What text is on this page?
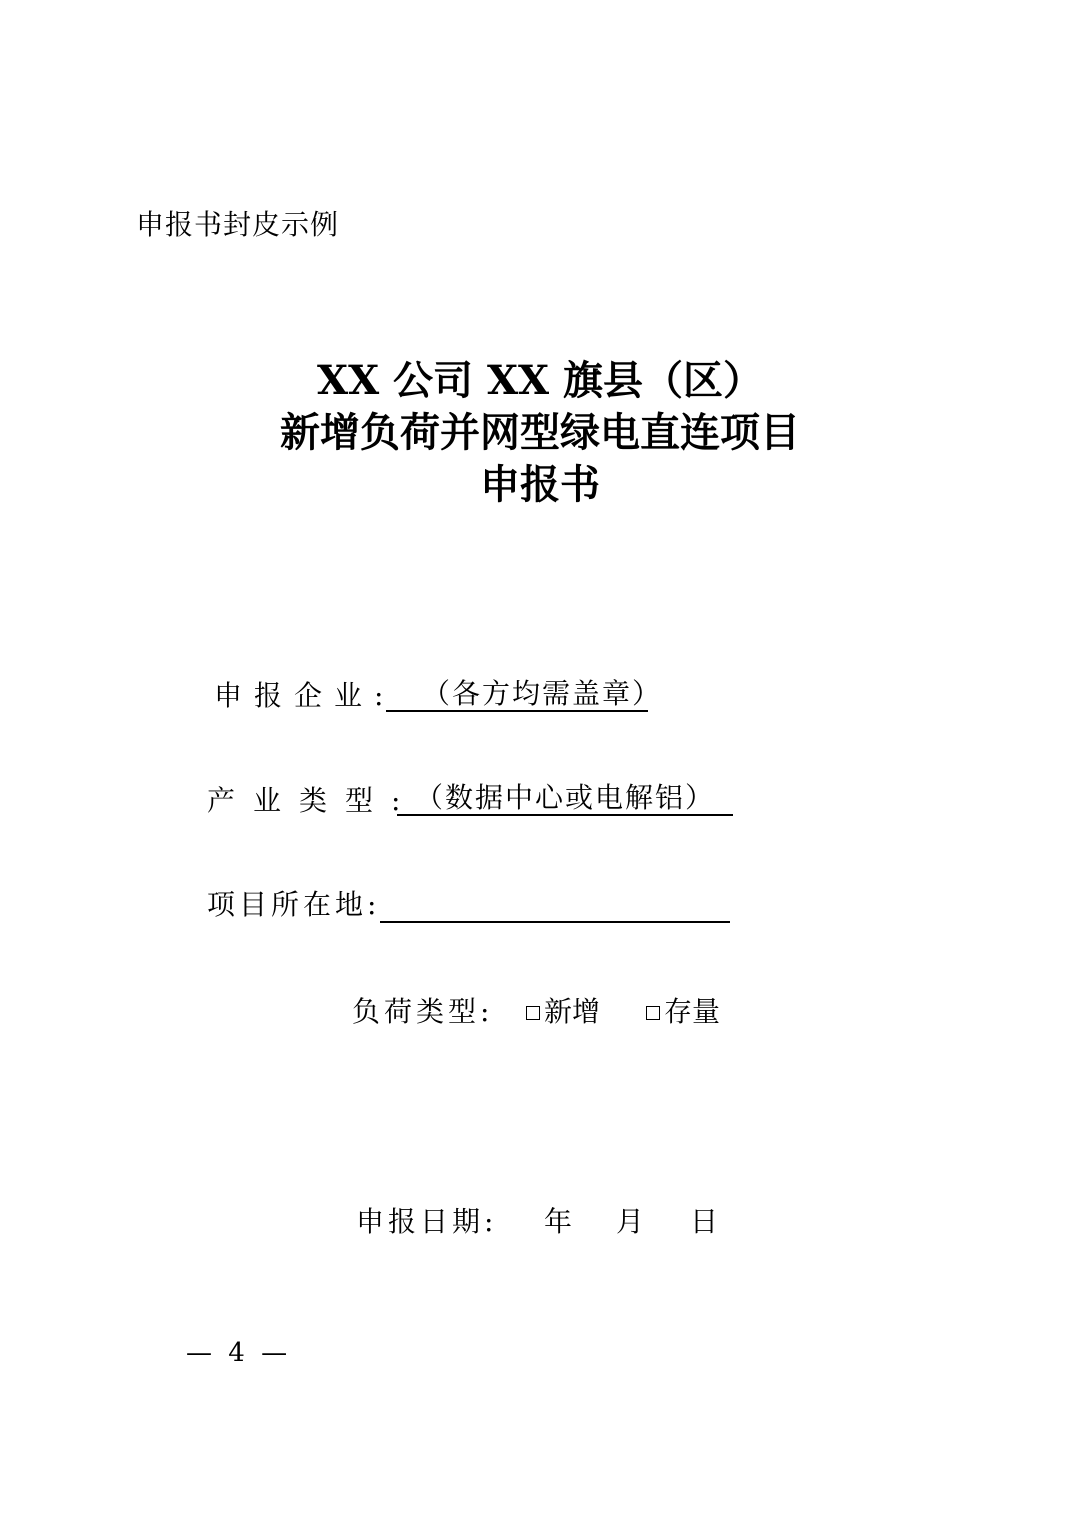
申报书封皮示例
XX 公司 XX 旗县（区）
新增负荷并网型绿电直连项目
申报书
申报企业: （各方均需盖章）
产业类型:
（数据中心或电解铝）
项目所在地:
负荷类型:	新增	存量
申报日期: 年 月 日
— 4 —
